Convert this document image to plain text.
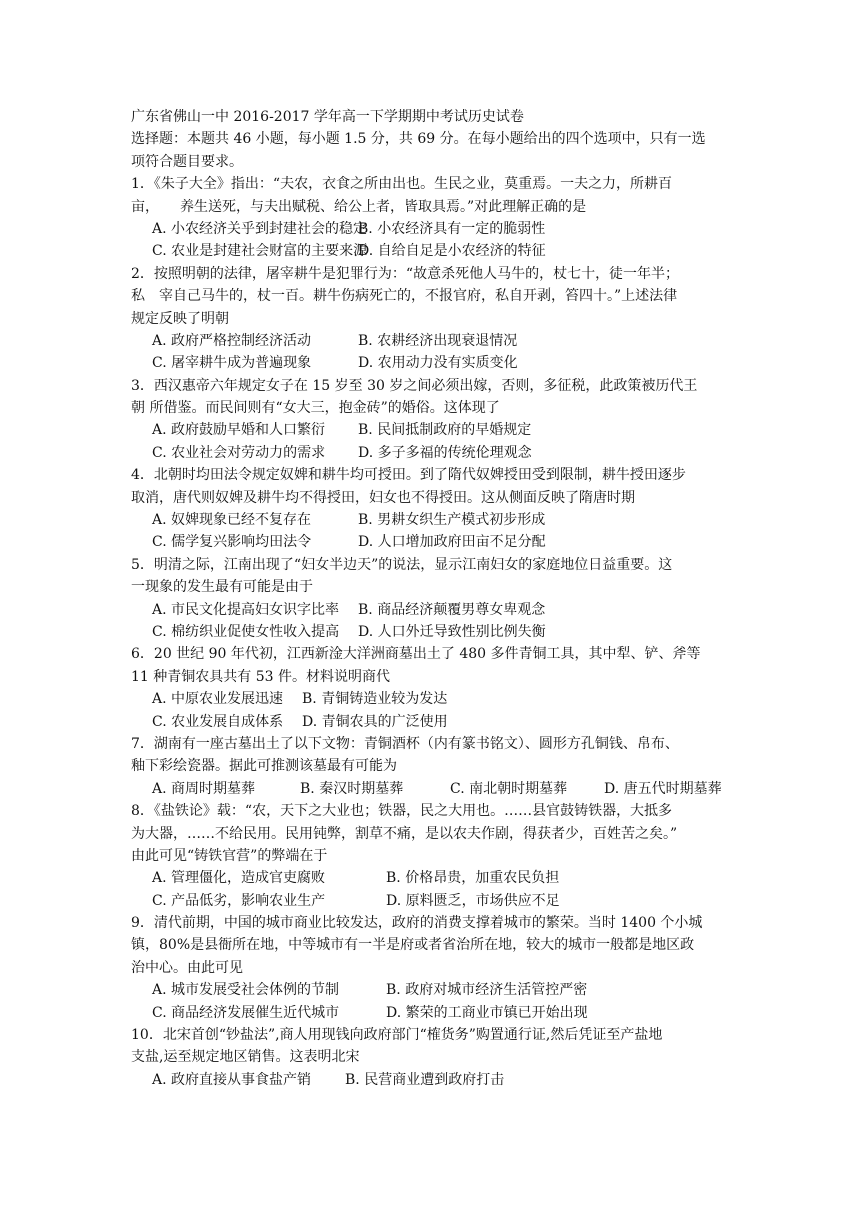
广东省佛山一中 2016-2017 学年高一下学期期中考试历史试卷
选择题：本题共 46 小题，每小题 1.5 分，共 69 分。在每小题给出的四个选项中，只有一选
项符合题目要求。
1．《朱子大全》指出：“夫农，衣食之所由出也。生民之业，莫重焉。一夫之力，所耕百
亩，　　养生送死，与夫出赋税、给公上者，皆取具焉。”对此理解正确的是
A. 小农经济关乎到封建社会的稳定
B. 小农经济具有一定的脆弱性
C. 农业是封建社会财富的主要来源
D. 自给自足是小农经济的特征
2．按照明朝的法律，屠宰耕牛是犯罪行为：“故意杀死他人马牛的，杖七十，徒一年半；
私　宰自己马牛的，杖一百。耕牛伤病死亡的，不报官府，私自开剥，笞四十。”上述法律
规定反映了明朝
A. 政府严格控制经济活动	B. 农耕经济出现衰退情况
C. 屠宰耕牛成为普遍现象	D. 农用动力没有实质变化
3．西汉惠帝六年规定女子在 15 岁至 30 岁之间必须出嫁，否则，多征税，此政策被历代王
朝 所借鉴。而民间则有“女大三，抱金砖”的婚俗。这体现了
A. 政府鼓励早婚和人口繁衍	B. 民间抵制政府的早婚规定
C. 农业社会对劳动力的需求	D. 多子多福的传统伦理观念
4．北朝时均田法令规定奴婢和耕牛均可授田。到了隋代奴婢授田受到限制，耕牛授田逐步
取消，唐代则奴婢及耕牛均不得授田，妇女也不得授田。这从侧面反映了隋唐时期
A. 奴婢现象已经不复存在	B. 男耕女织生产模式初步形成
C. 儒学复兴影响均田法令	D. 人口增加政府田亩不足分配
5．明清之际，江南出现了“妇女半边天”的说法，显示江南妇女的家庭地位日益重要。这
一现象的发生最有可能是由于
A. 市民文化提高妇女识字比率	B. 商品经济颠覆男尊女卑观念
C. 棉纺织业促使女性收入提高	D. 人口外迁导致性别比例失衡
6．20 世纪 90 年代初，江西新淦大洋洲商墓出土了 480 多件青铜工具，其中犁、铲、斧等
11 种青铜农具共有 53 件。材料说明商代
A. 中原农业发展迅速	B. 青铜铸造业较为发达
C. 农业发展自成体系	D. 青铜农具的广泛使用
7．湖南有一座古墓出土了以下文物：青铜酒杯（内有篆书铭文）、圆形方孔铜钱、帛布、
釉下彩绘瓷器。据此可推测该墓最有可能为
A. 商周时期墓葬	B. 秦汉时期墓葬	C. 南北朝时期墓葬	D. 唐五代时期墓葬
8．《盐铁论》载：“农，天下之大业也；铁器，民之大用也。……县官鼓铸铁器，大抵多
为大器，……不给民用。民用钝弊，割草不痛，是以农夫作剧，得获者少，百姓苦之矣。”
由此可见“铸铁官营”的弊端在于
A. 管理僵化，造成官吏腐败	B. 价格昂贵，加重农民负担
C. 产品低劣，影响农业生产	D. 原料匮乏，市场供应不足
9．清代前期，中国的城市商业比较发达，政府的消费支撑着城市的繁荣。当时 1400 个小城
镇，80%是县衙所在地，中等城市有一半是府或者省治所在地，较大的城市一般都是地区政
治中心。由此可见
A. 城市发展受社会体例的节制	B. 政府对城市经济生活管控严密
C. 商品经济发展催生近代城市	D. 繁荣的工商业市镇已开始出现
10．北宋首创“钞盐法”,商人用现钱向政府部门“榷货务”购置通行证,然后凭证至产盐地
支盐,运至规定地区销售。这表明北宋
A. 政府直接从事食盐产销	B. 民营商业遭到政府打击
